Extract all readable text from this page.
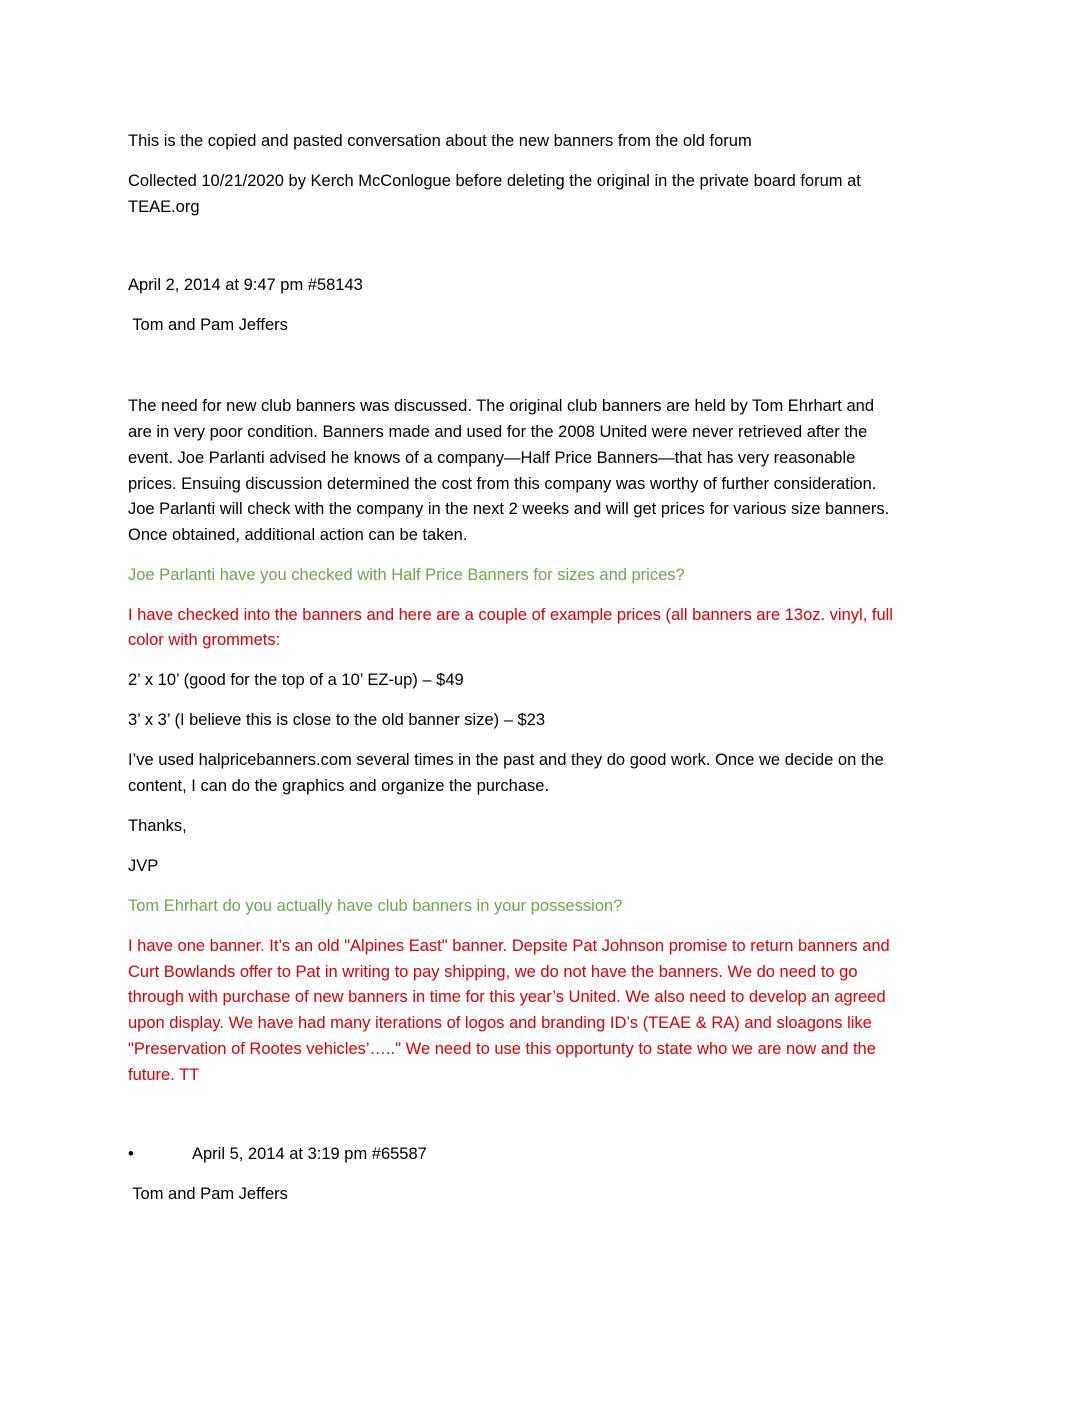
This is the copied and pasted conversation about the new banners from the old forum

Collected 10/21/2020 by Kerch McConlogue before deleting the original in the private board forum at

TEAE.org

April 2, 2014 at 9:47 pm #58143

Tom and Pam Jeffers

The need for new club banners was discussed. The original club banners are held by Tom Ehrhart and

are in very poor condition. Banners made and used for the 2008 United were never retrieved after the

event. Joe Parlanti advised he knows of a company—Half Price Banners—that has very reasonable

prices. Ensuing discussion determined the cost from this company was worthy of further consideration.

Joe Parlanti will check with the company in the next 2 weeks and will get prices for various size banners.

Once obtained, additional action can be taken.

Joe Parlanti have you checked with Half Price Banners for sizes and prices?

I have checked into the banners and here are a couple of example prices (all banners are 13oz. vinyl, full

color with grommets:

2’ x 10’ (good for the top of a 10’ EZ-up) – $49

3’ x 3’ (I believe this is close to the old banner size) – $23

I’ve used halpricebanners.com several times in the past and they do good work. Once we decide on the

content, I can do the graphics and organize the purchase.

Thanks,

JVP

Tom Ehrhart do you actually have club banners in your possession?

I have one banner. It’s an old "Alpines East" banner. Depsite Pat Johnson promise to return banners and

Curt Bowlands offer to Pat in writing to pay shipping, we do not have the banners. We do need to go

through with purchase of new banners in time for this year’s United. We also need to develop an agreed

upon display. We have had many iterations of logos and branding ID’s (TEAE & RA) and sloagons like

"Preservation of Rootes vehicles’….." We need to use this opportunty to state who we are now and the

future. TT

•	April 5, 2014 at 3:19 pm #65587

Tom and Pam Jeffers
